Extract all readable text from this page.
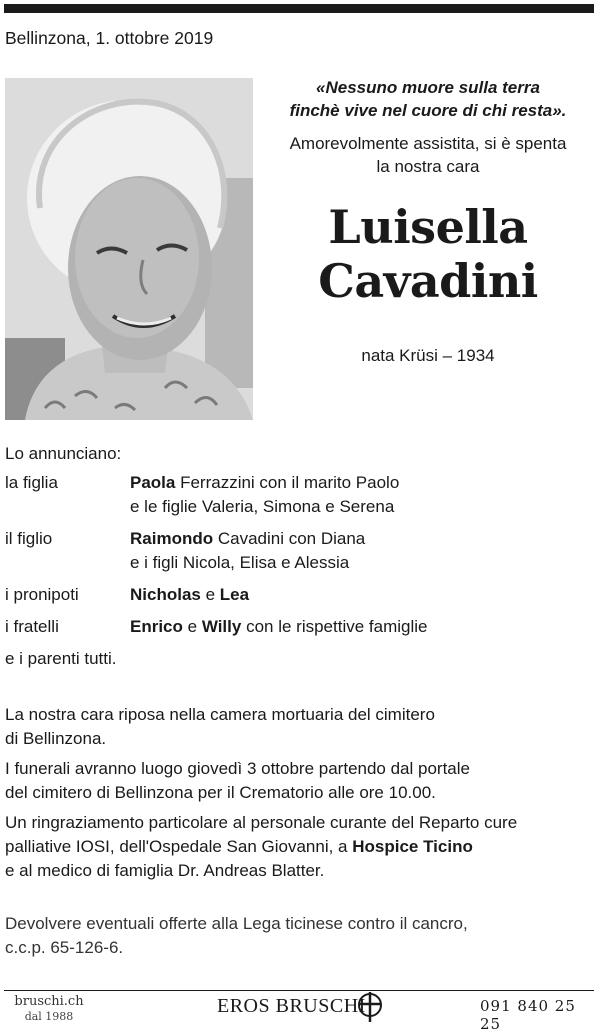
Bellinzona, 1. ottobre 2019
«Nessuno muore sulla terra
finchè vive nel cuore di chi resta».
Amorevolmente assistita, si è spenta
la nostra cara
Luisella
Cavadini
nata Krüsi – 1934
Lo annunciano:
la figlia	Paola Ferrazzini con il marito Paolo
e le figlie Valeria, Simona e Serena
il figlio	Raimondo Cavadini con Diana
e i figli Nicola, Elisa e Alessia
i pronipoti	Nicholas e Lea
i fratelli	Enrico e Willy con le rispettive famiglie
e i parenti tutti.
La nostra cara riposa nella camera mortuaria del cimitero
di Bellinzona.
I funerali avranno luogo giovedì 3 ottobre partendo dal portale
del cimitero di Bellinzona per il Crematorio alle ore 10.00.
Un ringraziamento particolare al personale curante del Reparto cure
palliative IOSI, dell'Ospedale San Giovanni, a Hospice Ticino
e al medico di famiglia Dr. Andreas Blatter.
Devolvere eventuali offerte alla Lega ticinese contro il cancro,
c.c.p. 65-126-6.
bruschi.ch
dal 1988	EROS BRUSCHI	091 840 25 25
